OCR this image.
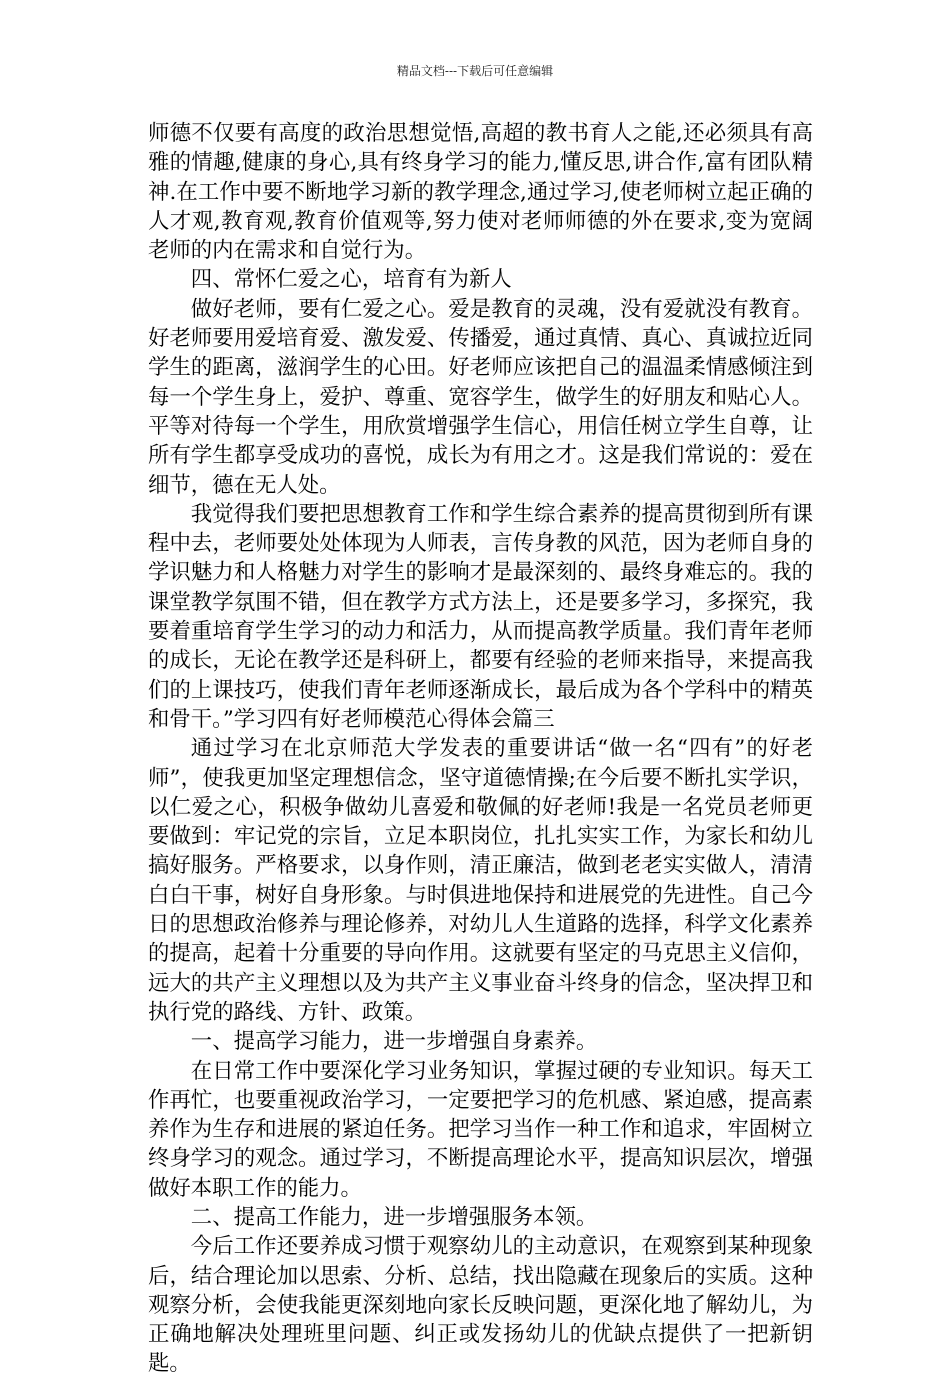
精品文档---下载后可任意编辑

师德不仅要有高度的政治思想觉悟,高超的教书育人之能,还必须具有高雅的情趣,健康的身心,具有终身学习的能力,懂反思,讲合作,富有团队精神.在工作中要不断地学习新的教学理念,通过学习,使老师树立起正确的人才观,教育观,教育价值观等,努力使对老师师德的外在要求,变为宽阔老师的内在需求和自觉行为。

四、常怀仁爱之心，培育有为新人

做好老师，要有仁爱之心。爱是教育的灵魂，没有爱就没有教育。好老师要用爱培育爱、激发爱、传播爱，通过真情、真心、真诚拉近同学生的距离，滋润学生的心田。好老师应该把自己的温温柔情感倾注到每一个学生身上，爱护、尊重、宽容学生，做学生的好朋友和贴心人。平等对待每一个学生，用欣赏增强学生信心，用信任树立学生自尊，让所有学生都享受成功的喜悦，成长为有用之才。这是我们常说的：爱在细节，德在无人处。

我觉得我们要把思想教育工作和学生综合素养的提高贯彻到所有课程中去，老师要处处体现为人师表，言传身教的风范，因为老师自身的学识魅力和人格魅力对学生的影响才是最深刻的、最终身难忘的。我的课堂教学氛围不错，但在教学方式方法上，还是要多学习，多探究，我要着重培育学生学习的动力和活力，从而提高教学质量。我们青年老师的成长，无论在教学还是科研上，都要有经验的老师来指导，来提高我们的上课技巧，使我们青年老师逐渐成长，最后成为各个学科中的精英和骨干。”学习四有好老师模范心得体会篇三

通过学习在北京师范大学发表的重要讲话“做一名“四有”的好老师”，使我更加坚定理想信念，坚守道德情操;在今后要不断扎实学识，以仁爱之心，积极争做幼儿喜爱和敬佩的好老师!我是一名党员老师更要做到：牢记党的宗旨，立足本职岗位，扎扎实实工作，为家长和幼儿搞好服务。严格要求，以身作则，清正廉洁，做到老老实实做人，清清白白干事，树好自身形象。与时俱进地保持和进展党的先进性。自己今日的思想政治修养与理论修养，对幼儿人生道路的选择，科学文化素养的提高，起着十分重要的导向作用。这就要有坚定的马克思主义信仰，远大的共产主义理想以及为共产主义事业奋斗终身的信念，坚决捍卫和执行党的路线、方针、政策。

一、提高学习能力，进一步增强自身素养。

在日常工作中要深化学习业务知识，掌握过硬的专业知识。每天工作再忙，也要重视政治学习，一定要把学习的危机感、紧迫感，提高素养作为生存和进展的紧迫任务。把学习当作一种工作和追求，牢固树立终身学习的观念。通过学习，不断提高理论水平，提高知识层次，增强做好本职工作的能力。

二、提高工作能力，进一步增强服务本领。

今后工作还要养成习惯于观察幼儿的主动意识，在观察到某种现象后，结合理论加以思索、分析、总结，找出隐藏在现象后的实质。这种观察分析，会使我能更深刻地向家长反映问题，更深化地了解幼儿，为正确地解决处理班里问题、纠正或发扬幼儿的优缺点提供了一把新钥匙。
